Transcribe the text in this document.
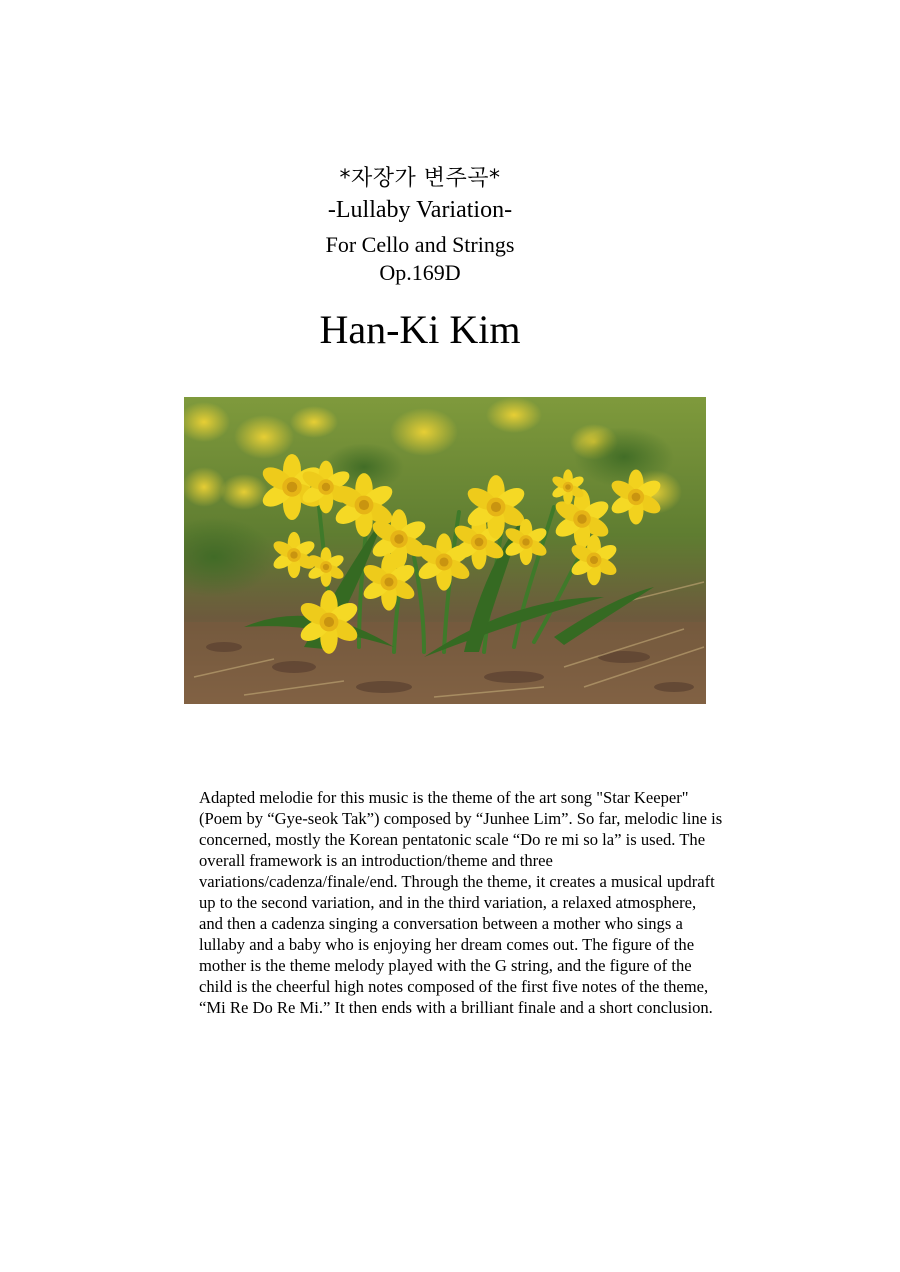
*자장가 변주곡*
-Lullaby Variation-
For Cello and Strings
Op.169D
Han-Ki Kim
Adapted melodie for this music is the theme of the art song "Star Keeper" (Poem by “Gye-seok Tak”) composed by “Junhee Lim”. So far, melodic line is concerned, mostly the Korean pentatonic scale “Do re mi so la” is used. The overall framework is an introduction/theme and three variations/cadenza/finale/end. Through the theme, it creates a musical updraft up to the second variation, and in the third variation, a relaxed atmosphere, and then a cadenza singing a conversation between a mother who sings a lullaby and a baby who is enjoying her dream comes out. The figure of the mother is the theme melody played with the G string, and the figure of the child is the cheerful high notes composed of the first five notes of the theme, “Mi Re Do Re Mi.” It then ends with a brilliant finale and a short conclusion.
